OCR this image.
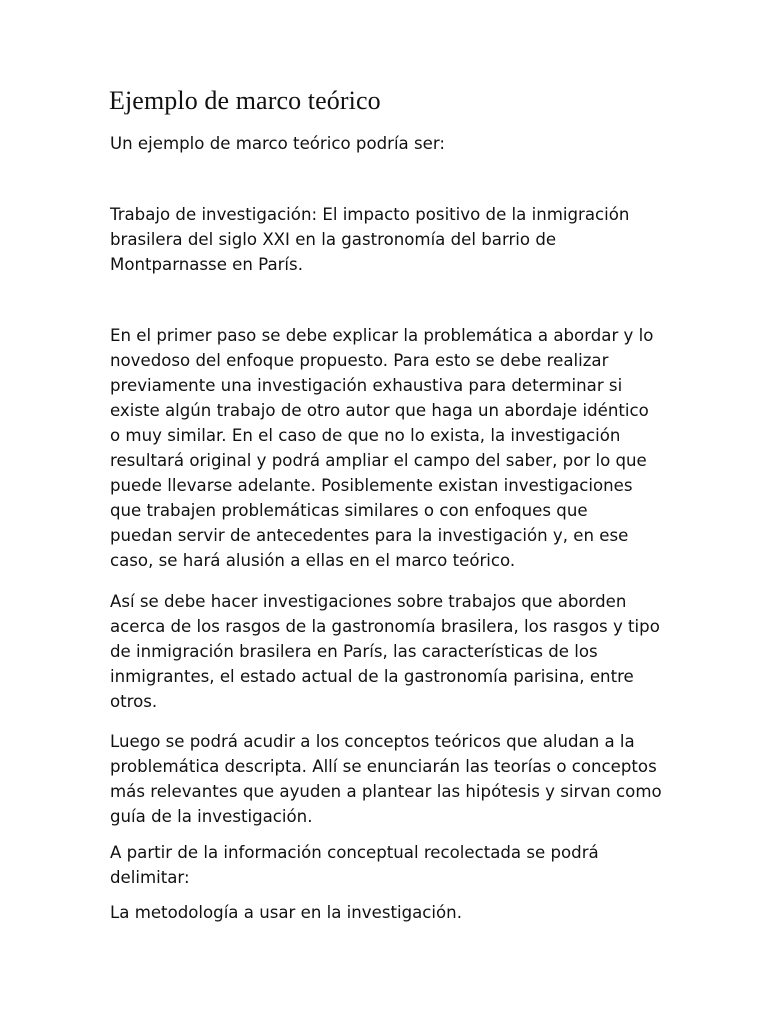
Ejemplo de marco teórico
Un ejemplo de marco teórico podría ser:
Trabajo de investigación: El impacto positivo de la inmigración
brasilera del siglo XXI en la gastronomía del barrio de
Montparnasse en París.
En el primer paso se debe explicar la problemática a abordar y lo
novedoso del enfoque propuesto. Para esto se debe realizar
previamente una investigación exhaustiva para determinar si
existe algún trabajo de otro autor que haga un abordaje idéntico
o muy similar. En el caso de que no lo exista, la investigación
resultará original y podrá ampliar el campo del saber, por lo que
puede llevarse adelante. Posiblemente existan investigaciones
que trabajen problemáticas similares o con enfoques que
puedan servir de antecedentes para la investigación y, en ese
caso, se hará alusión a ellas en el marco teórico.
Así se debe hacer investigaciones sobre trabajos que aborden
acerca de los rasgos de la gastronomía brasilera, los rasgos y tipo
de inmigración brasilera en París, las características de los
inmigrantes, el estado actual de la gastronomía parisina, entre
otros.
Luego se podrá acudir a los conceptos teóricos que aludan a la
problemática descripta. Allí se enunciarán las teorías o conceptos
más relevantes que ayuden a plantear las hipótesis y sirvan como
guía de la investigación.
A partir de la información conceptual recolectada se podrá
delimitar:
La metodología a usar en la investigación.
